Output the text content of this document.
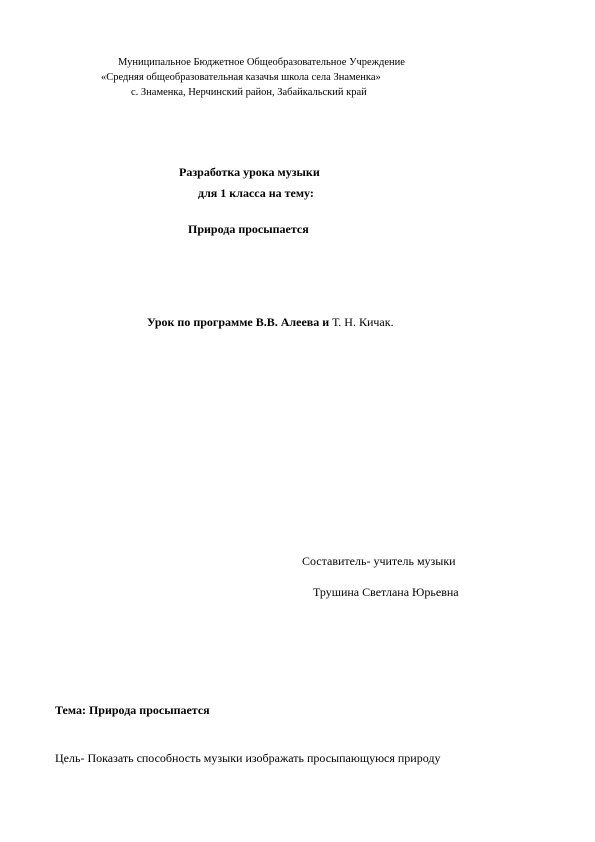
Муниципальное Бюджетное Общеобразовательное Учреждение
«Средняя общеобразовательная казачья школа села Знаменка»
с. Знаменка, Нерчинский район, Забайкальский край
Разработка урока музыки
для 1 класса на тему:
Природа просыпается
Урок по программе В.В. Алеева и Т. Н. Кичак.
Составитель- учитель музыки
Трушина Светлана Юрьевна
Тема: Природа просыпается
Цель- Показать способность музыки изображать просыпающуюся природу
